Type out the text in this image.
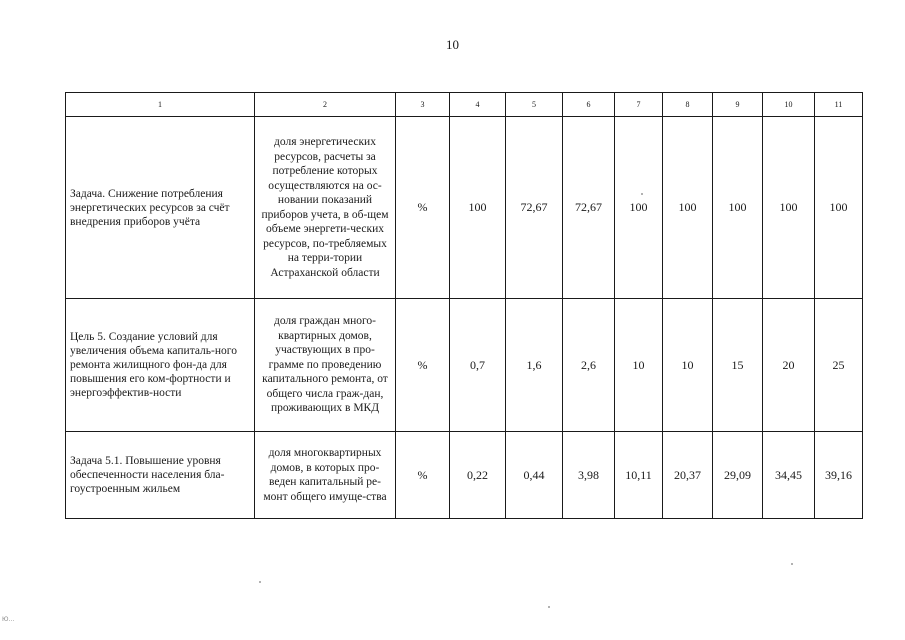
10
1	2	3	4	5	6	7	8	9	10	11
Задача. Снижение потребления энергетических ресурсов за счёт внедрения приборов учёта	доля энергетических ресурсов, расчеты за потребление которых осуществляются на ос-новании показаний приборов учета, в об-щем объеме энергети-ческих ресурсов, по-требляемых на терри-тории Астраханской области	%	100	72,67	72,67	100	100	100	100	100
Цель 5. Создание условий для увеличения объема капиталь-ного ремонта жилищного фон-да для повышения его ком-фортности и энергоэффектив-ности	доля граждан много-квартирных домов, участвующих в про-грамме по проведению капитального ремонта, от общего числа граж-дан, проживающих в МКД	%	0,7	1,6	2,6	10	10	15	20	25
Задача 5.1. Повышение уровня обеспеченности населения бла-гоустроенным жильем	доля многоквартирных домов, в которых про-веден капитальный ре-монт общего имуще-ства	%	0,22	0,44	3,98	10,11	20,37	29,09	34,45	39,16
Ю…
